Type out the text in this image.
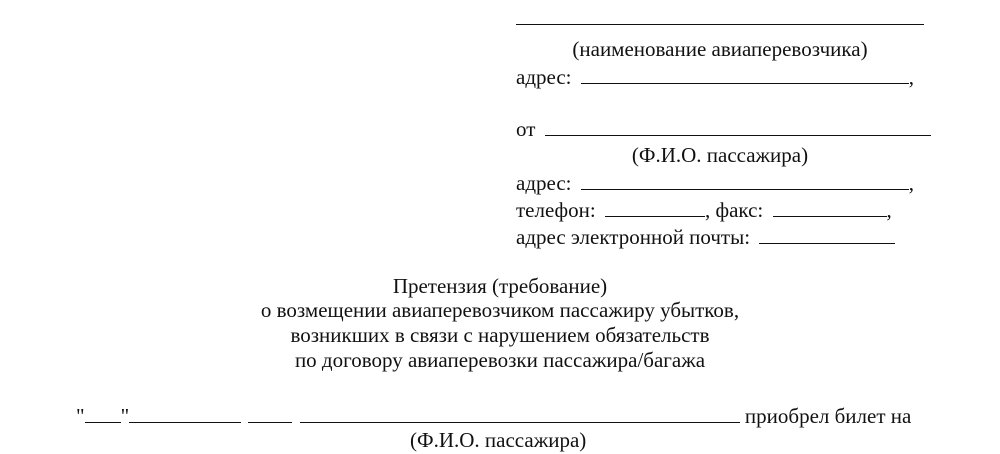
(наименование авиаперевозчика)
адрес:	,
от
(Ф.И.О. пассажира)
адрес:	,
телефон:	, факс:	,
адрес электронной почты:
Претензия (требование)
о возмещении авиаперевозчиком пассажиру убытков,
возникших в связи с нарушением обязательств
по договору авиаперевозки пассажира/багажа
" "	приобрел билет на
(Ф.И.О. пассажира)
